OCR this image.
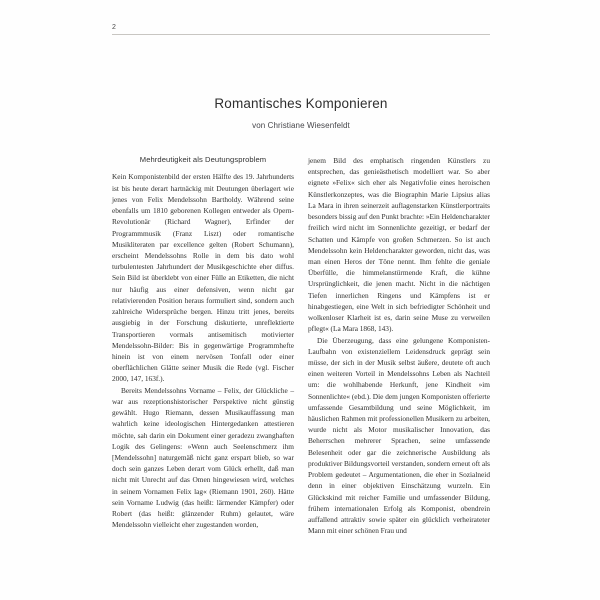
2
Romantisches Komponieren
von Christiane Wiesenfeldt
Mehrdeutigkeit als Deutungsproblem

Kein Komponistenbild der ersten Hälfte des 19. Jahrhunderts ist bis heute derart hartnäckig mit Deutungen überlagert wie jenes von Felix Mendelssohn Bartholdy. Während seine ebenfalls um 1810 geborenen Kollegen entweder als Opern-Revolutionär (Richard Wagner), Erfinder der Programmmusik (Franz Liszt) oder romantische Musikliteraten par excellence gelten (Robert Schumann), erscheint Mendelssohns Rolle in dem bis dato wohl turbulentesten Jahrhundert der Musikgeschichte eher diffus. Sein Bild ist überklebt von einer Fülle an Etiketten, die nicht nur häufig aus einer defensiven, wenn nicht gar relativierenden Position heraus formuliert sind, sondern auch zahlreiche Widersprüche bergen. Hinzu tritt jenes, bereits ausgiebig in der Forschung diskutierte, unreflektierte Transportieren vormals antisemitisch motivierter Mendelssohn-Bilder: Bis in gegenwärtige Programmhefte hinein ist von einem nervösen Tonfall oder einer oberflächlichen Glätte seiner Musik die Rede (vgl. Fischer 2000, 147, 163f.).

Bereits Mendelssohns Vorname – Felix, der Glückliche – war aus rezeptionshistorischer Perspektive nicht günstig gewählt. Hugo Riemann, dessen Musikauffassung man wahrlich keine ideologischen Hintergedanken attestieren möchte, sah darin ein Dokument einer geradezu zwanghaften Logik des Gelingens: »Wenn auch Seelenschmerz ihm [Mendelssohn] naturgemäß nicht ganz erspart blieb, so war doch sein ganzes Leben derart vom Glück erhellt, daß man nicht mit Unrecht auf das Omen hingewiesen wird, welches in seinem Vornamen Felix lag« (Riemann 1901, 260). Hätte sein Vorname Ludwig (das heißt: lärmender Kämpfer) oder Robert (das heißt: glänzender Ruhm) gelautet, wäre Mendelssohn vielleicht eher zugestanden worden,

jenem Bild des emphatisch ringenden Künstlers zu entsprechen, das genieästhetisch modelliert war. So aber eignete »Felix« sich eher als Negativfolie eines heroischen Künstlerkonzeptes, was die Biographin Marie Lipsius alias La Mara in ihren seinerzeit auflagenstarken Künstlerportraits besonders bissig auf den Punkt brachte: »Ein Heldencharakter freilich wird nicht im Sonnenlichte gezeitigt, er bedarf der Schatten und Kämpfe von großen Schmerzen. So ist auch Mendelssohn kein Heldencharakter geworden, nicht das, was man einen Heros der Töne nennt. Ihm fehlte die geniale Überfülle, die himmelanstürmende Kraft, die kühne Ursprünglichkeit, die jenen macht. Nicht in die nächtigen Tiefen innerlichen Ringens und Kämpfens ist er hinabgestiegen, eine Welt in sich befriedigter Schönheit und wolkenloser Klarheit ist es, darin seine Muse zu verweilen pflegt« (La Mara 1868, 143).

Die Überzeugung, dass eine gelungene Komponisten-Laufbahn von existenziellem Leidensdruck geprägt sein müsse, der sich in der Musik selbst äußere, deutete oft auch einen weiteren Vorteil in Mendelssohns Leben als Nachteil um: die wohlhabende Herkunft, jene Kindheit »im Sonnenlichte« (ebd.). Die dem jungen Komponisten offerierte umfassende Gesamtbildung und seine Möglichkeit, im häuslichen Rahmen mit professionellen Musikern zu arbeiten, wurde nicht als Motor musikalischer Innovation, das Beherrschen mehrerer Sprachen, seine umfassende Belesenheit oder gar die zeichnerische Ausbildung als produktiver Bildungsvorteil verstanden, sondern erneut oft als Problem gedeutet – Argumentationen, die eher in Sozialneid denn in einer objektiven Einschätzung wurzeln. Ein Glückskind mit reicher Familie und umfassender Bildung, frühem internationalen Erfolg als Komponist, obendrein auffallend attraktiv sowie später ein glücklich verheirateter Mann mit einer schönen Frau und
